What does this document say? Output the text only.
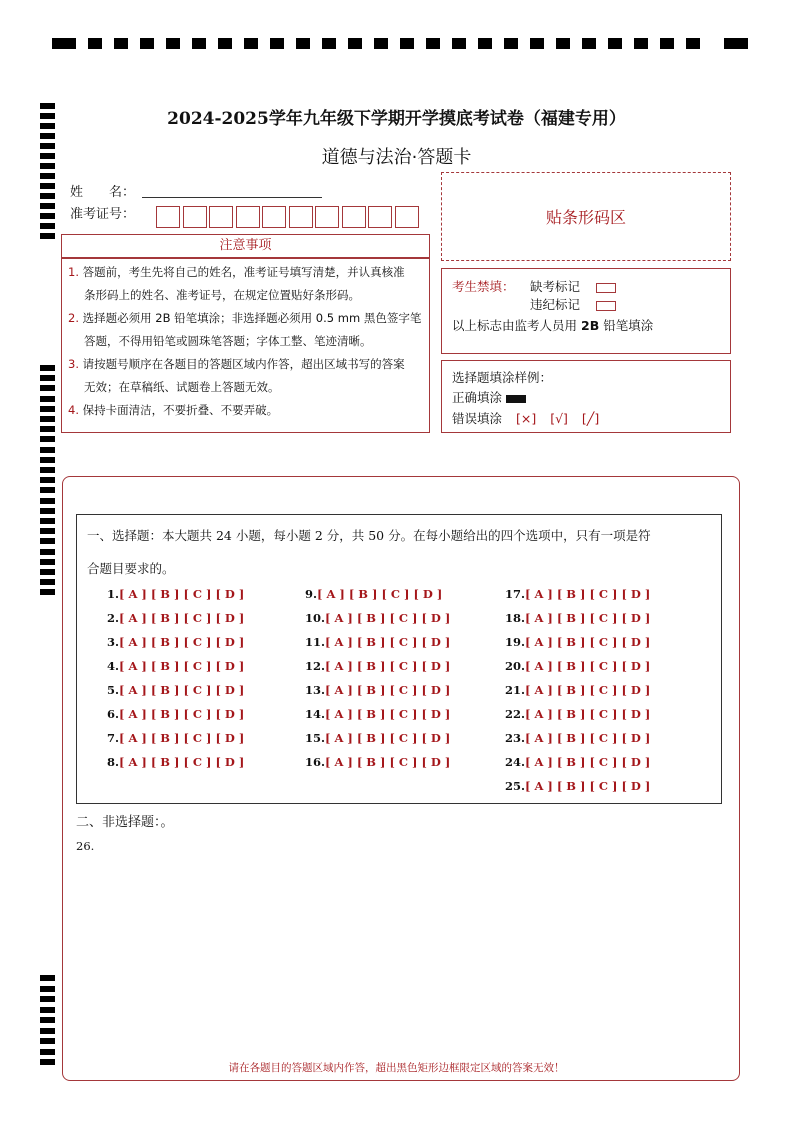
2024-2025学年九年级下学期开学摸底考试卷（福建专用）
道德与法治·答题卡
姓　　名：
准考证号：	贴条形码区
注意事项
1. 答题前，考生先将自己的姓名，准考证号填写清楚，并认真核准
条形码上的姓名、准考证号，在规定位置贴好条形码。
2. 选择题必须用 2B 铅笔填涂；非选择题必须用 0.5 mm 黑色签字笔
答题，不得用铅笔或圆珠笔答题；字体工整、笔迹清晰。
3. 请按题号顺序在各题目的答题区域内作答，超出区域书写的答案
无效；在草稿纸、试题卷上答题无效。
4. 保持卡面清洁，不要折叠、不要弄破。
考生禁填： 缺考标记
违纪标记
以上标志由监考人员用 2B 铅笔填涂
选择题填涂样例：
正确填涂
错误填涂 [×] [√] [╱]
一、选择题：本大题共 24 小题，每小题 2 分，共 50 分。在每小题给出的四个选项中，只有一项是符
合题目要求的。
1.[ A ] [ B ] [ C ] [ D ]
2.[ A ] [ B ] [ C ] [ D ]
3.[ A ] [ B ] [ C ] [ D ]
4.[ A ] [ B ] [ C ] [ D ]
5.[ A ] [ B ] [ C ] [ D ]
6.[ A ] [ B ] [ C ] [ D ]
7.[ A ] [ B ] [ C ] [ D ]
8.[ A ] [ B ] [ C ] [ D ]
9.[ A ] [ B ] [ C ] [ D ]
10.[ A ] [ B ] [ C ] [ D ]
11.[ A ] [ B ] [ C ] [ D ]
12.[ A ] [ B ] [ C ] [ D ]
13.[ A ] [ B ] [ C ] [ D ]
14.[ A ] [ B ] [ C ] [ D ]
15.[ A ] [ B ] [ C ] [ D ]
16.[ A ] [ B ] [ C ] [ D ]
17.[ A ] [ B ] [ C ] [ D ]
18.[ A ] [ B ] [ C ] [ D ]
19.[ A ] [ B ] [ C ] [ D ]
20.[ A ] [ B ] [ C ] [ D ]
21.[ A ] [ B ] [ C ] [ D ]
22.[ A ] [ B ] [ C ] [ D ]
23.[ A ] [ B ] [ C ] [ D ]
24.[ A ] [ B ] [ C ] [ D ]
25.[ A ] [ B ] [ C ] [ D ]
二、非选择题：。
26.
请在各题目的答题区域内作答，超出黑色矩形边框限定区域的答案无效！
